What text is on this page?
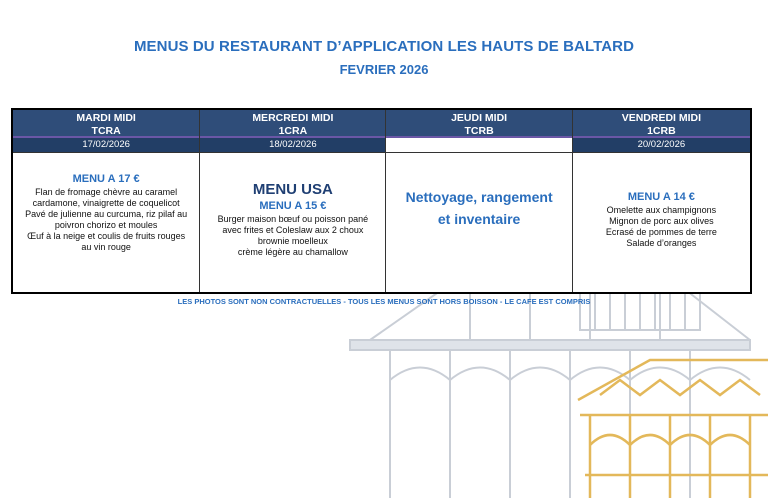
MENUS DU RESTAURANT D’APPLICATION LES HAUTS DE BALTARD
FEVRIER 2026
MARDI MIDI
TCRA
17/02/2026
MENU A 17 €
Flan de fromage chèvre au caramel
cardamone, vinaigrette de coquelicot
Pavé de julienne au curcuma, riz pilaf au
poivron chorizo et moules
Œuf à la neige et coulis de fruits rouges
au vin rouge
MERCREDI MIDI
1CRA
18/02/2026
MENU USA
MENU A 15 €
Burger maison bœuf ou poisson pané
avec frites et Coleslaw aux 2 choux
brownie moelleux
crème légère au chamallow
JEUDI MIDI
TCRB
Nettoyage, rangement
et inventaire
VENDREDI MIDI
1CRB
20/02/2026
MENU A 14 €
Omelette aux champignons
Mignon de porc aux olives
Ecrasé de pommes de terre
Salade d’oranges
LES PHOTOS SONT NON CONTRACTUELLES - TOUS LES MENUS SONT HORS BOISSON - LE CAFE EST COMPRIS
